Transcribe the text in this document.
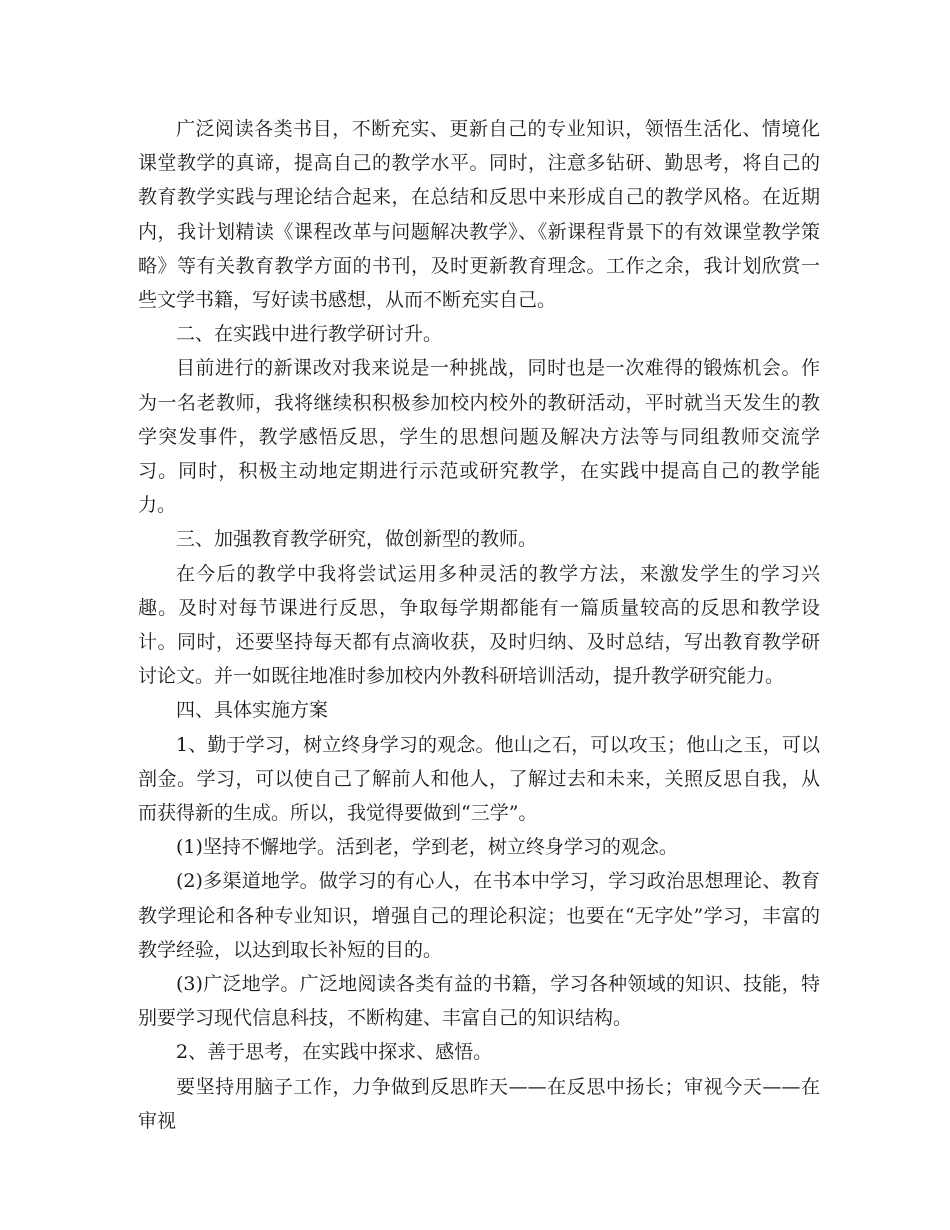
广泛阅读各类书目，不断充实、更新自己的专业知识，领悟生活化、情境化课堂教学的真谛，提高自己的教学水平。同时，注意多钻研、勤思考，将自己的教育教学实践与理论结合起来，在总结和反思中来形成自己的教学风格。在近期内，我计划精读《课程改革与问题解决教学》、《新课程背景下的有效课堂教学策略》等有关教育教学方面的书刊，及时更新教育理念。工作之余，我计划欣赏一些文学书籍，写好读书感想，从而不断充实自己。

二、在实践中进行教学研讨升。

目前进行的新课改对我来说是一种挑战，同时也是一次难得的锻炼机会。作为一名老教师，我将继续积积极参加校内校外的教研活动，平时就当天发生的教学突发事件，教学感悟反思，学生的思想问题及解决方法等与同组教师交流学习。同时，积极主动地定期进行示范或研究教学，在实践中提高自己的教学能力。

三、加强教育教学研究，做创新型的教师。

在今后的教学中我将尝试运用多种灵活的教学方法，来激发学生的学习兴趣。及时对每节课进行反思，争取每学期都能有一篇质量较高的反思和教学设计。同时，还要坚持每天都有点滴收获，及时归纳、及时总结，写出教育教学研讨论文。并一如既往地准时参加校内外教科研培训活动，提升教学研究能力。

四、具体实施方案

1、勤于学习，树立终身学习的观念。他山之石，可以攻玉；他山之玉，可以剖金。学习，可以使自己了解前人和他人，了解过去和未来，关照反思自我，从而获得新的生成。所以，我觉得要做到“三学”。

(1)坚持不懈地学。活到老，学到老，树立终身学习的观念。

(2)多渠道地学。做学习的有心人，在书本中学习，学习政治思想理论、教育教学理论和各种专业知识，增强自己的理论积淀；也要在“无字处”学习，丰富的教学经验，以达到取长补短的目的。

(3)广泛地学。广泛地阅读各类有益的书籍，学习各种领域的知识、技能，特别要学习现代信息科技，不断构建、丰富自己的知识结构。

2、善于思考，在实践中探求、感悟。

要坚持用脑子工作，力争做到反思昨天——在反思中扬长；审视今天——在审视
